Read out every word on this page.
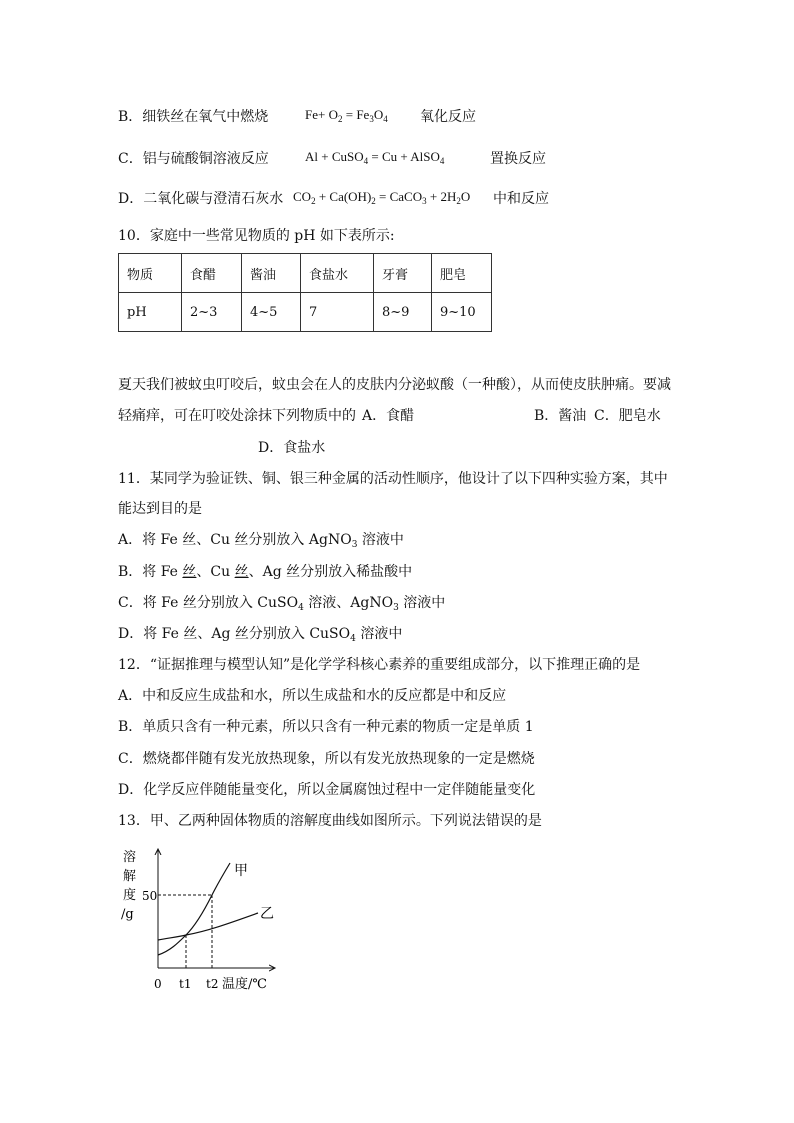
B．细铁丝在氧气中燃烧	$Fe+ O_2 = Fe_3O_4$ 氧化反应
C．铝与硫酸铜溶液反应	Al + CuSO$_4$ = Cu + AlSO$_4$	置换反应
D．二氧化碳与澄清石灰水 $CO_2 + Ca(OH)_2$ = CaCO$_3$ + $2H_2O$ 中和反应
10．家庭中一些常见物质的 pH 如下表所示:
物质	食醋	酱油	食盐水	牙膏	肥皂
pH	2~3	4~5	7	8~9	9~10
夏天我们被蚊虫叮咬后，蚊虫会在人的皮肤内分泌蚁酸（一种酸），从而使皮肤肿痛。要减
轻痛痒，可在叮咬处涂抹下列物质中的 A．食醋	B．酱油 C．肥皂水
D．食盐水
11．某同学为验证铁、铜、银三种金属的活动性顺序，他设计了以下四种实验方案，其中
能达到目的是
A．将 Fe 丝、Cu 丝分别放入 AgNO$_3$ 溶液中
B．将 Fe 丝、Cu 丝、Ag 丝分别放入稀盐酸中
C．将 Fe 丝分别放入 CuSO$_4$ 溶液、AgNO$_3$ 溶液中
D．将 Fe 丝、Ag 丝分别放入 CuSO$_4$ 溶液中
12．“证据推理与模型认知”是化学学科核心素养的重要组成部分，以下推理正确的是
A．中和反应生成盐和水，所以生成盐和水的反应都是中和反应
B．单质只含有一种元素，所以只含有一种元素的物质一定是单质 1
C．燃烧都伴随有发光放热现象，所以有发光放热现象的一定是燃烧
D．化学反应伴随能量变化，所以金属腐蚀过程中一定伴随能量变化
13．甲、乙两种固体物质的溶解度曲线如图所示。下列说法错误的是
溶
解
度
/g
甲
乙
50
0 t1 t2 温度/℃
